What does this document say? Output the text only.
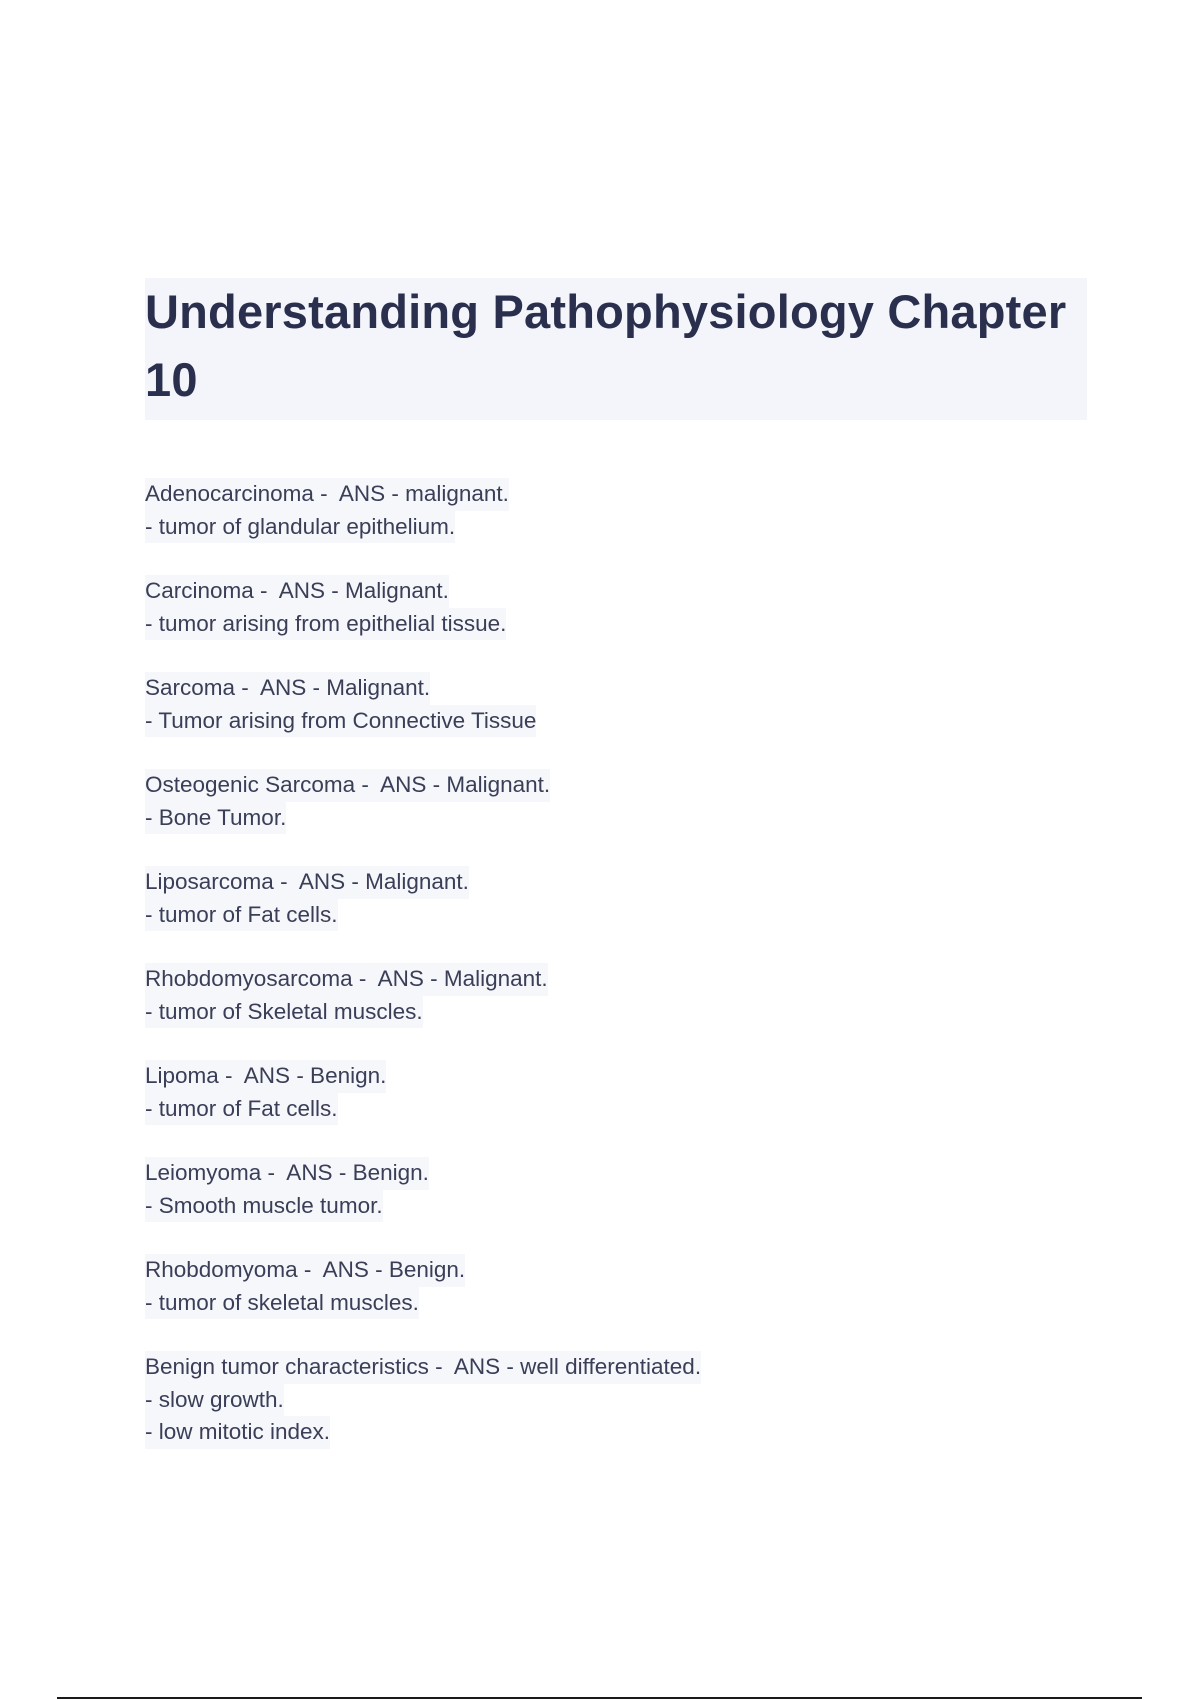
Understanding Pathophysiology Chapter 10
Adenocarcinoma -  ANS - malignant.
- tumor of glandular epithelium.
Carcinoma -  ANS - Malignant.
- tumor arising from epithelial tissue.
Sarcoma -  ANS - Malignant.
- Tumor arising from Connective Tissue
Osteogenic Sarcoma -  ANS - Malignant.
- Bone Tumor.
Liposarcoma -  ANS - Malignant.
- tumor of Fat cells.
Rhobdomyosarcoma -  ANS - Malignant.
- tumor of Skeletal muscles.
Lipoma -  ANS - Benign.
- tumor of Fat cells.
Leiomyoma -  ANS - Benign.
- Smooth muscle tumor.
Rhobdomyoma -  ANS - Benign.
- tumor of skeletal muscles.
Benign tumor characteristics -  ANS - well differentiated.
- slow growth.
- low mitotic index.
